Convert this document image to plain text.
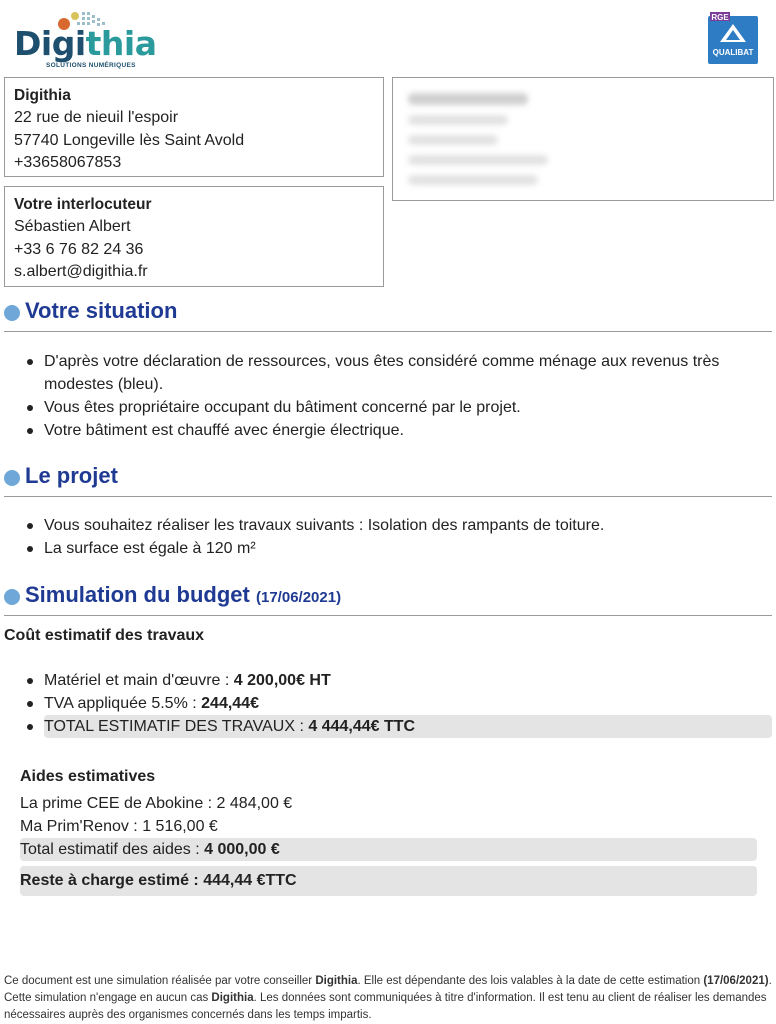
Digithia
SOLUTIONS NUMÉRIQUES
RGE
QUALIBAT
Digithia
22 rue de nieuil l'espoir
57740 Longeville lès Saint Avold
+33658067853
Votre interlocuteur
Sébastien Albert
+33 6 76 82 24 36
s.albert@digithia.fr
Votre situation
D'après votre déclaration de ressources, vous êtes considéré comme ménage aux revenus très
modestes (bleu).
Vous êtes propriétaire occupant du bâtiment concerné par le projet.
Votre bâtiment est chauffé avec énergie électrique.
Le projet
Vous souhaitez réaliser les travaux suivants : Isolation des rampants de toiture.
La surface est égale à 120 m²
Simulation du budget (17/06/2021)
Coût estimatif des travaux
Matériel et main d'œuvre : 4 200,00€ HT
TVA appliquée 5.5% : 244,44€
TOTAL ESTIMATIF DES TRAVAUX : 4 444,44€ TTC
Aides estimatives
La prime CEE de Abokine : 2 484,00 €
Ma Prim'Renov : 1 516,00 €
Total estimatif des aides : 4 000,00 €
Reste à charge estimé : 444,44 €TTC
Ce document est une simulation réalisée par votre conseiller Digithia. Elle est dépendante des lois valables à la date de cette estimation (17/06/2021).
Cette simulation n'engage en aucun cas Digithia. Les données sont communiquées à titre d'information. Il est tenu au client de réaliser les demandes
nécessaires auprès des organismes concernés dans les temps impartis.
